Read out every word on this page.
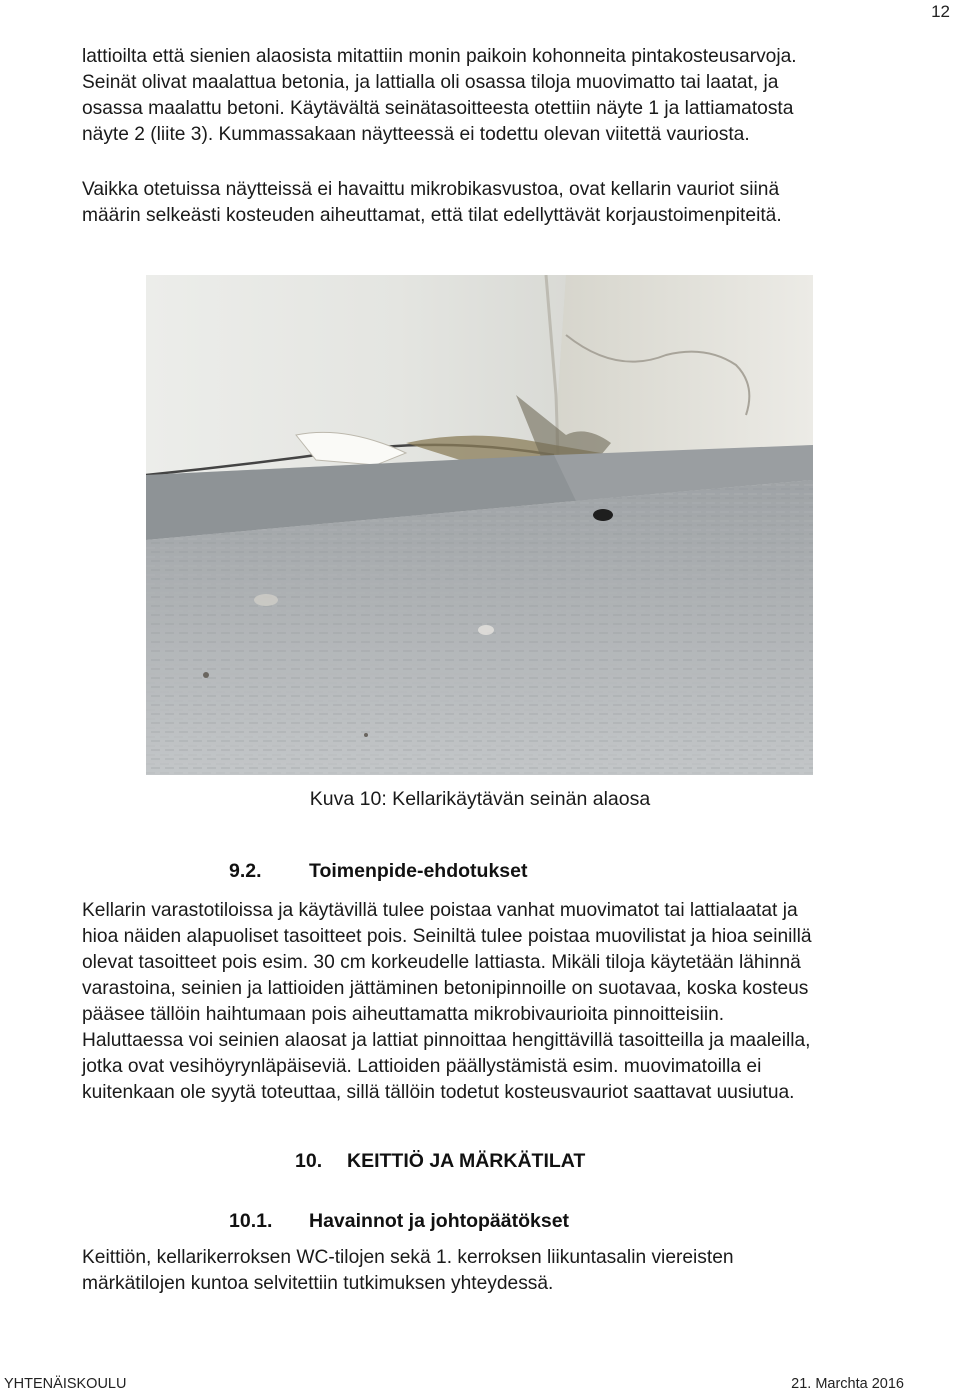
12
lattioilta että sienien alaosista mitattiin monin paikoin kohonneita pintakosteusarvoja.
Seinät olivat maalattua betonia, ja lattialla oli osassa tiloja muovimatto tai laatat, ja
osassa maalattu betoni. Käytävältä seinätasoitteesta otettiin näyte 1 ja lattiamatosta
näyte 2 (liite 3). Kummassakaan näytteessä ei todettu olevan viitettä vauriosta.
Vaikka otetuissa näytteissä ei havaittu mikrobikasvustoa, ovat kellarin vauriot siinä
määrin selkeästi kosteuden aiheuttamat, että tilat edellyttävät korjaustoimenpiteitä.
Kuva 10: Kellarikäytävän seinän alaosa
9.2. Toimenpide-ehdotukset
Kellarin varastotiloissa ja käytävillä tulee poistaa vanhat muovimatot tai lattialaatat ja
hioa näiden alapuoliset tasoitteet pois. Seiniltä tulee poistaa muovilistat ja hioa seinillä
olevat tasoitteet pois esim. 30 cm korkeudelle lattiasta. Mikäli tiloja käytetään lähinnä
varastoina, seinien ja lattioiden jättäminen betonipinnoille on suotavaa, koska kosteus
pääsee tällöin haihtumaan pois aiheuttamatta mikrobivaurioita pinnoitteisiin.
Haluttaessa voi seinien alaosat ja lattiat pinnoittaa hengittävillä tasoitteilla ja maaleilla,
jotka ovat vesihöyrynläpäiseviä. Lattioiden päällystämistä esim. muovimatoilla ei
kuitenkaan ole syytä toteuttaa, sillä tällöin todetut kosteusvauriot saattavat uusiutua.
10. KEITTIÖ JA MÄRKÄTILAT
10.1. Havainnot ja johtopäätökset
Keittiön, kellarikerroksen WC-tilojen sekä 1. kerroksen liikuntasalin viereisten
märkätilojen kuntoa selvitettiin tutkimuksen yhteydessä.
YHTENÄISKOULU	21. Marchta 2016
